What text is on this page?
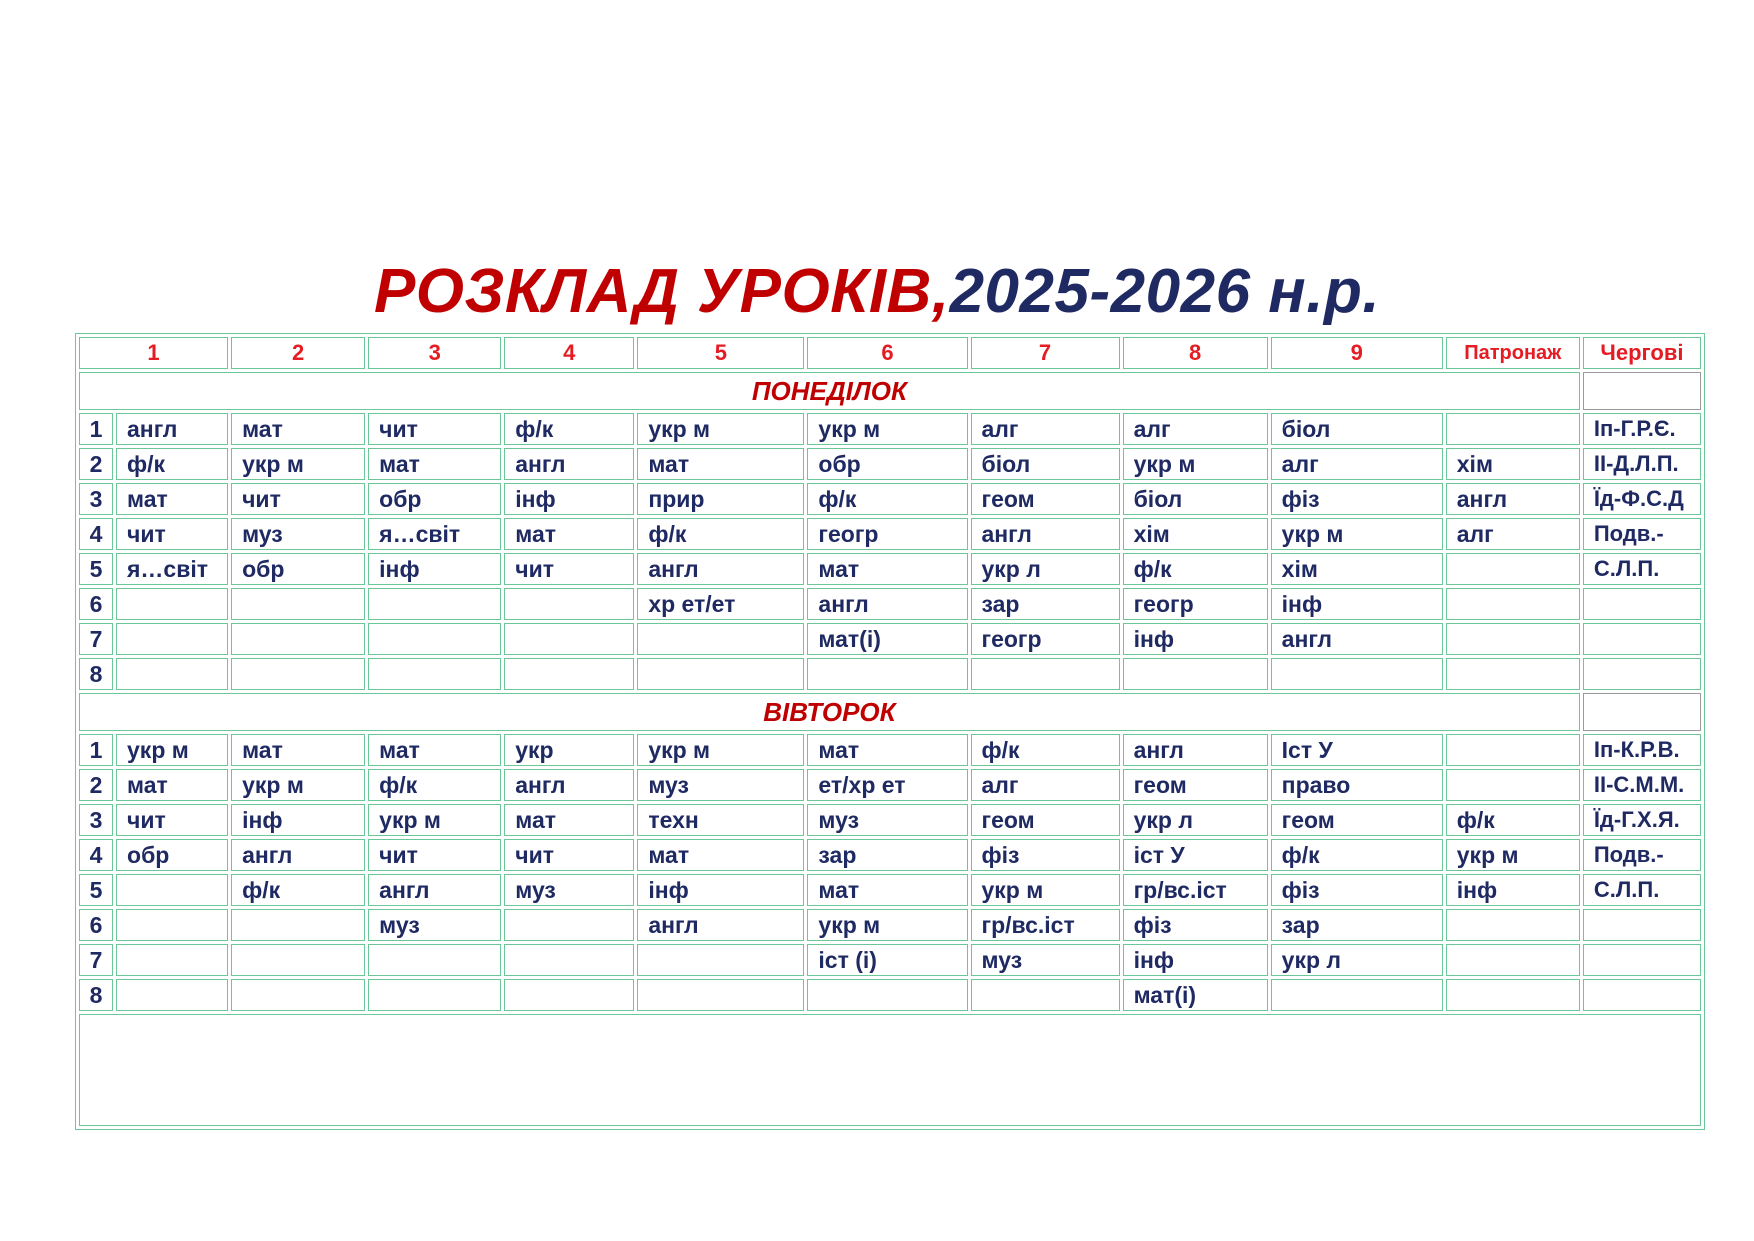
РОЗКЛАД УРОКІВ,2025-2026 н.р.
1		2	3	4	5	6	7	8	9	Патронаж	Чергові
ПОНЕДІЛОК											
1	англ	мат	чит	ф/к	укр м	укр м	алг	алг	біол		Іп-Г.Р.Є.
2	ф/к	укр м	мат	англ	мат	обр	біол	укр м	алг	хім	ІІ-Д.Л.П.
3	мат	чит	обр	інф	прир	ф/к	геом	біол	фіз	англ	Їд-Ф.С.Д
4	чит	муз	я…світ	мат	ф/к	геогр	англ	хім	укр м	алг	Подв.-
5	я…світ	обр	інф	чит	англ	мат	укр л	ф/к	хім		С.Л.П.
6					хр ет/ет	англ	зар	геогр	інф		
7						мат(і)	геогр	інф	англ		
8											
ВІВТОРОК											
1	укр м	мат	мат	укр	укр м	мат	ф/к	англ	Іст У		Іп-К.Р.В.
2	мат	укр м	ф/к	англ	муз	ет/хр ет	алг	геом	право		ІІ-С.М.М.
3	чит	інф	укр м	мат	техн	муз	геом	укр л	геом	ф/к	Їд-Г.Х.Я.
4	обр	англ	чит	чит	мат	зар	фіз	іст У	ф/к	укр м	Подв.-
5		ф/к	англ	муз	інф	мат	укр м	гр/вс.іст	фіз	інф	С.Л.П.
6			муз		англ	укр м	гр/вс.іст	фіз	зар		
7						іст (і)	муз	інф	укр л		
8								мат(і)			
